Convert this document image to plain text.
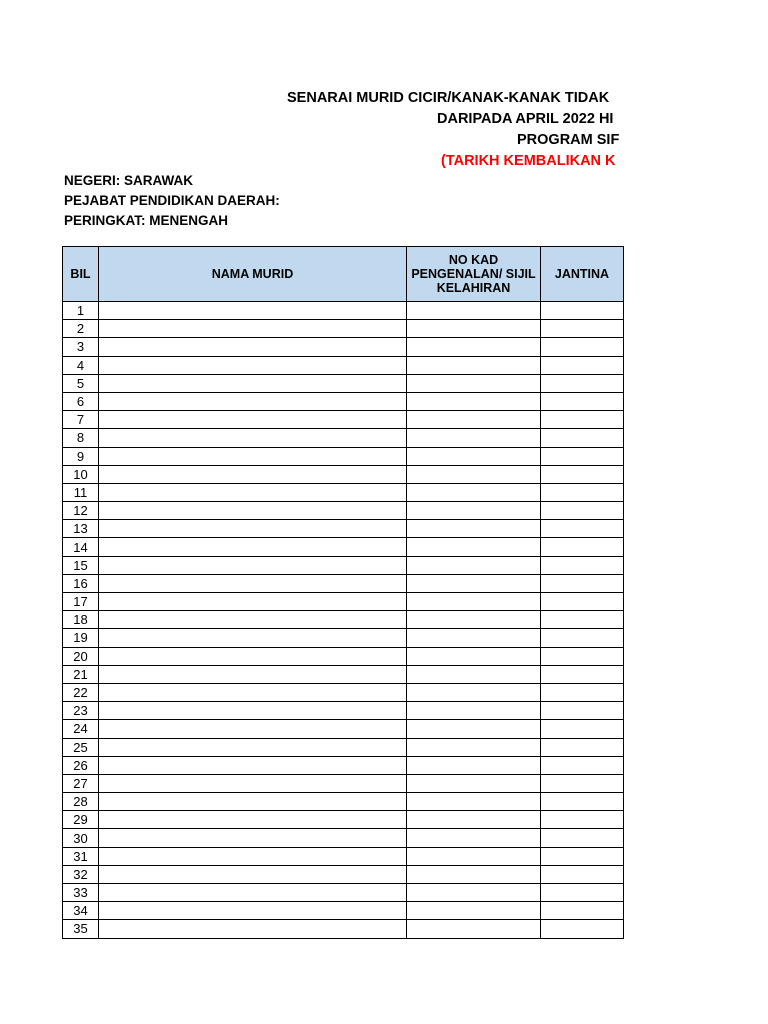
SENARAI MURID CICIR/KANAK-KANAK TIDAK
DARIPADA APRIL 2022 HI
PROGRAM SIF
(TARIKH KEMBALIKAN K
NEGERI: SARAWAK
PEJABAT PENDIDIKAN DAERAH:
PERINGKAT: MENENGAH
BIL	NAMA MURID	NO KAD
PENGENALAN/ SIJIL
KELAHIRAN	JANTINA
1			
2			
3			
4			
5			
6			
7			
8			
9			
10			
11			
12			
13			
14			
15			
16			
17			
18			
19			
20			
21			
22			
23			
24			
25			
26			
27			
28			
29			
30			
31			
32			
33			
34			
35			
